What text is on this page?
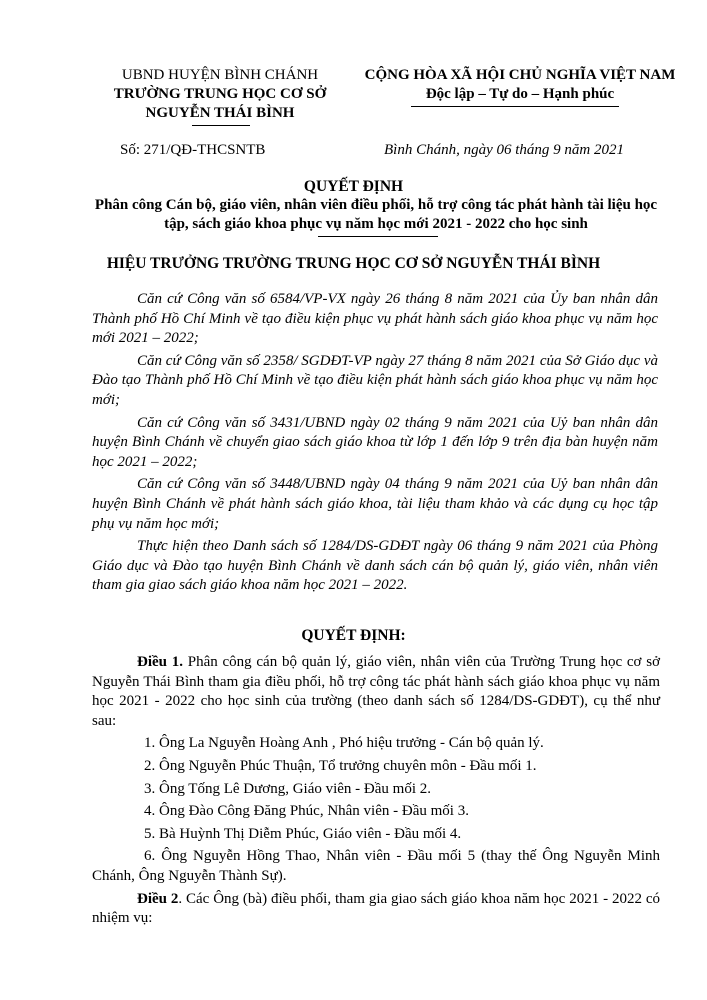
UBND HUYỆN BÌNH CHÁNH
TRƯỜNG TRUNG HỌC CƠ SỞ
NGUYỄN THÁI BÌNH
CỘNG HÒA XÃ HỘI CHỦ NGHĨA VIỆT NAM
Độc lập – Tự do – Hạnh phúc
Số: 271/QĐ-THCSNTB	Bình Chánh, ngày 06 tháng 9 năm 2021
QUYẾT ĐỊNH
Phân công Cán bộ, giáo viên, nhân viên điều phối, hỗ trợ công tác phát hành tài liệu học tập, sách giáo khoa phục vụ năm học mới 2021 - 2022 cho học sinh
HIỆU TRƯỞNG TRƯỜNG TRUNG HỌC CƠ SỞ NGUYỄN THÁI BÌNH

Căn cứ Công văn số 6584/VP-VX ngày 26 tháng 8 năm 2021 của Ủy ban nhân dân Thành phố Hồ Chí Minh về tạo điều kiện phục vụ phát hành sách giáo khoa phục vụ năm học mới 2021 – 2022;

Căn cứ Công văn số 2358/ SGDĐT-VP ngày 27 tháng 8 năm 2021 của Sở Giáo dục và Đào tạo Thành phố Hồ Chí Minh về tạo điều kiện phát hành sách giáo khoa phục vụ năm học mới;

Căn cứ Công văn số 3431/UBND ngày 02 tháng 9 năm 2021 của Uỷ ban nhân dân huyện Bình Chánh về chuyển giao sách giáo khoa từ lớp 1 đến lớp 9 trên địa bàn huyện năm học 2021 – 2022;

Căn cứ Công văn số 3448/UBND ngày 04 tháng 9 năm 2021 của Uỷ ban nhân dân huyện Bình Chánh về phát hành sách giáo khoa, tài liệu tham khảo và các dụng cụ học tập phụ vụ năm học mới;

Thực hiện theo Danh sách số 1284/DS-GDĐT ngày 06 tháng 9 năm 2021 của Phòng Giáo dục và Đào tạo huyện Bình Chánh về danh sách cán bộ quản lý, giáo viên, nhân viên tham gia giao sách giáo khoa năm học 2021 – 2022.

QUYẾT ĐỊNH:

Điều 1. Phân công cán bộ quản lý, giáo viên, nhân viên của Trường Trung học cơ sở Nguyễn Thái Bình tham gia điều phối, hỗ trợ công tác phát hành sách giáo khoa phục vụ năm học 2021 - 2022 cho học sinh của trường (theo danh sách số 1284/DS-GDĐT), cụ thể như sau:

1. Ông La Nguyễn Hoàng Anh , Phó hiệu trưởng - Cán bộ quản lý.

2. Ông Nguyễn Phúc Thuận, Tổ trưởng chuyên môn - Đầu mối 1.

3. Ông Tống Lê Dương, Giáo viên - Đầu mối 2.

4. Ông Đào Công Đăng Phúc, Nhân viên - Đầu mối 3.

5. Bà Huỳnh Thị Diễm Phúc, Giáo viên - Đầu mối 4.

6. Ông Nguyễn Hồng Thao, Nhân viên - Đầu mối 5 (thay thế Ông Nguyễn Minh Chánh, Ông Nguyễn Thành Sự).

Điều 2. Các Ông (bà) điều phối, tham gia giao sách giáo khoa năm học 2021 - 2022 có nhiệm vụ:
